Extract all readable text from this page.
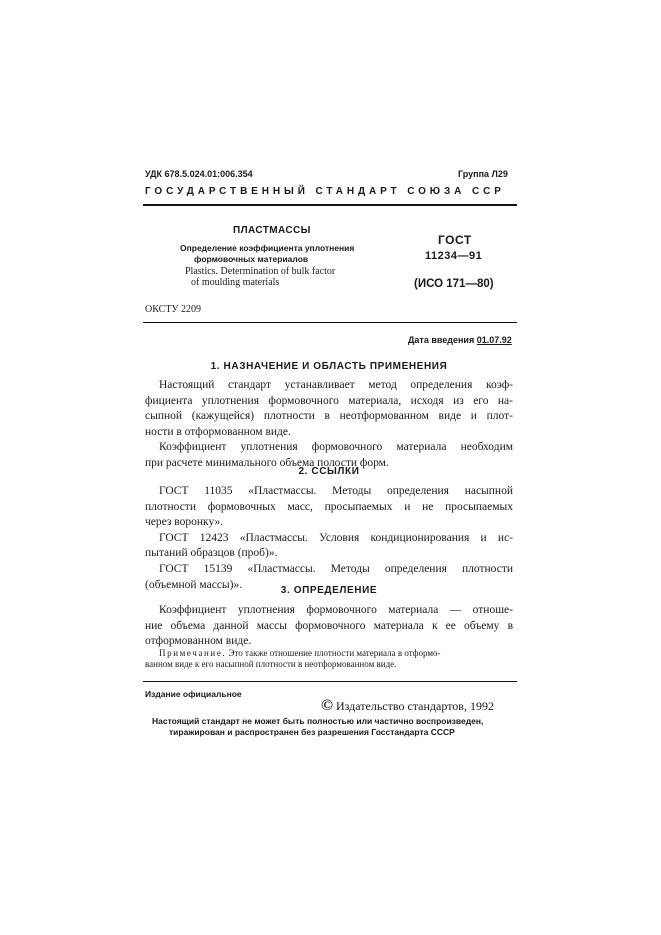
УДК 678.5.024.01:006.354	Группа Л29
ГОСУДАРСТВЕННЫЙ СТАНДАРТ СОЮЗА ССР
ПЛАСТМАССЫ
Определение коэффициента уплотнения
формовочных материалов
Plastics. Determination of bulk factor
of moulding materials
ГОСТ
11234—91
(ИСО 171—80)
ОКСТУ 2209
Дата введения 01.07.92
1. НАЗНАЧЕНИЕ И ОБЛАСТЬ ПРИМЕНЕНИЯ
Настоящий стандарт устанавливает метод определения коэф-
фициента уплотнения формовочного материала, исходя из его на-
сыпной (кажущейся) плотности в неотформованном виде и плот-
ности в отформованном виде.
Коэффициент уплотнения формовочного материала необходим
при расчете минимального объема полости форм.
2. ССЫЛКИ
ГОСТ 11035 «Пластмассы. Методы определения насыпной
плотности формовочных масс, просыпаемых и не просыпаемых
через воронку».
ГОСТ 12423 «Пластмассы. Условия кондиционирования и ис-
пытаний образцов (проб)».
ГОСТ 15139 «Пластмассы. Методы определения плотности
(объемной массы)».	3. ОПРЕДЕЛЕНИЕ
Коэффициент уплотнения формовочного материала — отноше-
ние объема данной массы формовочного материала к ее объему в
отформованном виде.
Примечание. Это также отношение плотности материала в отформо-
ванном виде к его насыпной плотности в неотформованном виде.
Издание официальное
© Издательство стандартов, 1992
Настоящий стандарт не может быть полностью или частично воспроизведен,
тиражирован и распространен без разрешения Госстандарта СССР
